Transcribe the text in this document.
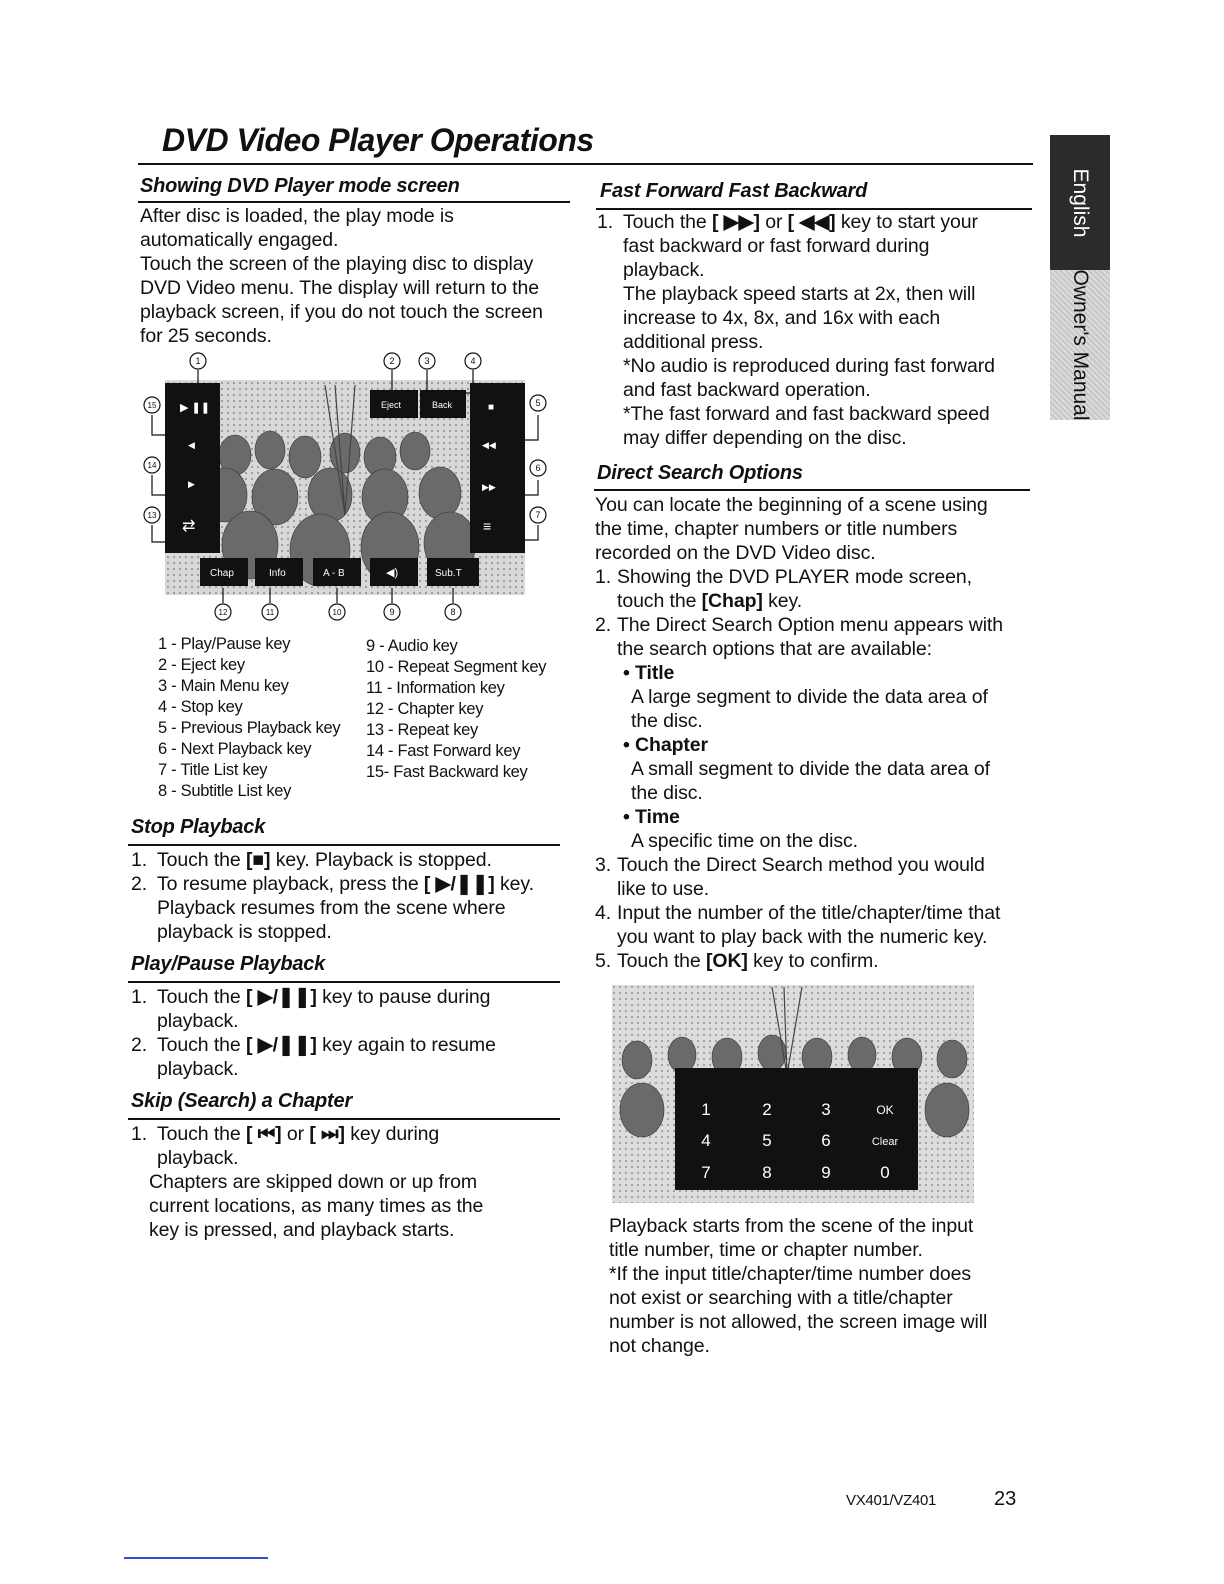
DVD Video Player Operations
English
Owner's Manual
Showing DVD Player mode screen

After disc is loaded, the play mode is

automatically engaged.

Touch the screen of the playing disc to display

DVD Video menu. The display will return to the

playback screen, if you do not touch the screen

for 25 seconds.

▶ ❚❚
◀
▶
⇄
■
◀◀
▶▶
≡
Eject	Back
Chap	Info	A - B	◀)	Sub.T
1	2	3	4
5
6
7
8
9
10
11
12
13
14
15
1 - Play/Pause key
2 - Eject key
3 - Main Menu key
4 - Stop key
5 - Previous Playback key
6 - Next Playback key
7 - Title List key
8 - Subtitle List key
9 - Audio key
10 - Repeat Segment key
11 - Information key
12 - Chapter key
13 - Repeat key
14 - Fast Forward key
15- Fast Backward key
Stop Playback
1. Touch the [■] key. Playback is stopped.
2. To resume playback, press the [ ▶/❚❚] key.
Playback resumes from the scene where
playback is stopped.
Play/Pause Playback
1. Touch the [ ▶/❚❚] key to pause during
playback.
2. Touch the [ ▶/❚❚] key again to resume
playback.
Skip (Search) a Chapter
1. Touch the [ ⏮] or [ ⏭] key during
playback.
Chapters are skipped down or up from
current locations, as many times as the
key is pressed, and playback starts.
Fast Forward Fast Backward
1. Touch the [ ▶▶] or [ ◀◀] key to start your
fast backward or fast forward during
playback.
The playback speed starts at 2x, then will
increase to 4x, 8x, and 16x with each
additional press.
*No audio is reproduced during fast forward
and fast backward operation.
*The fast forward and fast backward speed
may differ depending on the disc.
Direct Search Options

You can locate the beginning of a scene using

the time, chapter numbers or title numbers

recorded on the DVD Video disc.

1. Showing the DVD PLAYER mode screen,
touch the [Chap] key.
2. The Direct Search Option menu appears with
the search options that are available:
• Title
A large segment to divide the data area of
the disc.
• Chapter
A small segment to divide the data area of
the disc.
• Time
A specific time on the disc.
3. Touch the Direct Search method you would
like to use.
4. Input the number of the title/chapter/time that
you want to play back with the numeric key.
5. Touch the [OK] key to confirm.
1	2	3	OK
4	5	6	Clear
7	8	9	0

Playback starts from the scene of the input

title number, time or chapter number.

*If the input title/chapter/time number does

not exist or searching with a title/chapter

number is not allowed, the screen image will

not change.

VX401/VZ401	23
